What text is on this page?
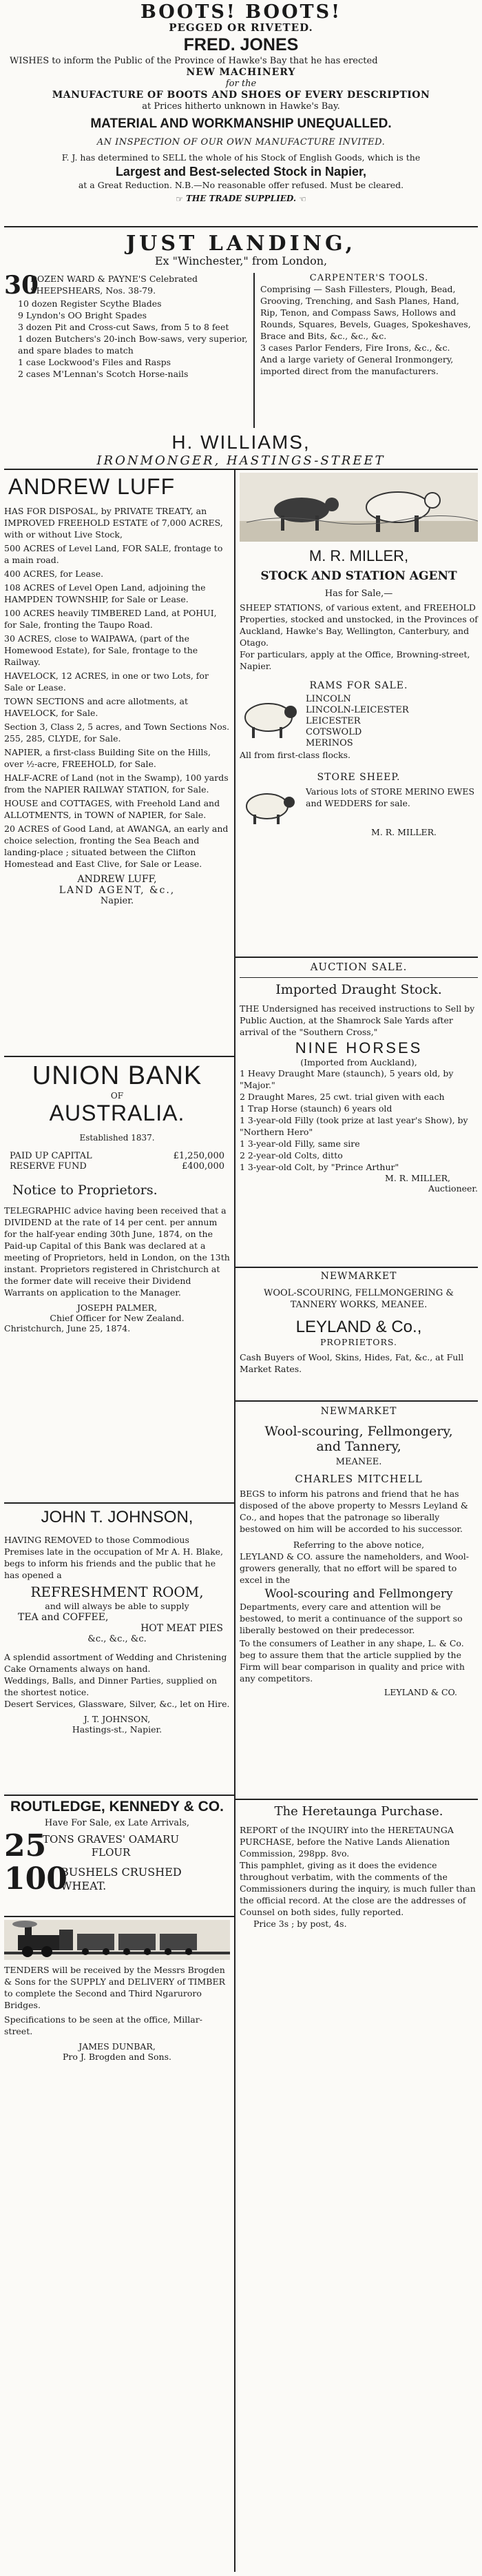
BOOTS! BOOTS!
PEGGED OR RIVETED.
FRED. JONES
WISHES to inform the Public of the Province of Hawke's Bay that he has erected
NEW MACHINERY
for the
MANUFACTURE OF BOOTS AND SHOES OF EVERY DESCRIPTION
at Prices hitherto unknown in Hawke's Bay.
MATERIAL AND WORKMANSHIP UNEQUALLED.
AN INSPECTION OF OUR OWN MANUFACTURE INVITED.
F. J. has determined to SELL the whole of his Stock of English Goods, which is the
Largest and Best-selected Stock in Napier,
at a Great Reduction. N.B.—No reasonable offer refused. Must be cleared.
☞ THE TRADE SUPPLIED. ☜
JUST LANDING,
Ex "Winchester," from London,
30
DOZEN WARD & PAYNE'S Celebrated SHEEPSHEARS, Nos. 38-79.
10 dozen Register Scythe Blades
9 Lyndon's OO Bright Spades
3 dozen Pit and Cross-cut Saws, from 5 to 8 feet
1 dozen Butchers's 20-inch Bow-saws, very superior, and spare blades to match
1 case Lockwood's Files and Rasps
2 cases M'Lennan's Scotch Horse-nails
CARPENTER'S TOOLS.
Comprising — Sash Fillesters, Plough, Bead, Grooving, Trenching, and Sash Planes, Hand, Rip, Tenon, and Compass Saws, Hollows and Rounds, Squares, Bevels, Guages, Spokeshaves, Brace and Bits, &c., &c., &c.
3 cases Parlor Fenders, Fire Irons, &c., &c.
And a large variety of General Ironmongery, imported direct from the manufacturers.
H. WILLIAMS,
IRONMONGER, HASTINGS-STREET
ANDREW LUFF

HAS FOR DISPOSAL, by PRIVATE TREATY, an IMPROVED FREEHOLD ESTATE of 7,000 ACRES, with or without Live Stock,

500 ACRES of Level Land, FOR SALE, frontage to a main road.

400 ACRES, for Lease.

108 ACRES of Level Open Land, adjoining the HAMPDEN TOWNSHIP, for Sale or Lease.

100 ACRES heavily TIMBERED Land, at POHUI, for Sale, fronting the Taupo Road.

30 ACRES, close to WAIPAWA, (part of the Homewood Estate), for Sale, frontage to the Railway.

HAVELOCK, 12 ACRES, in one or two Lots, for Sale or Lease.

TOWN SECTIONS and acre allotments, at HAVELOCK, for Sale.

Section 3, Class 2, 5 acres, and Town Sections Nos. 255, 285, CLYDE, for Sale.

NAPIER, a first-class Building Site on the Hills, over ½-acre, FREEHOLD, for Sale.

HALF-ACRE of Land (not in the Swamp), 100 yards from the NAPIER RAILWAY STATION, for Sale.

HOUSE and COTTAGES, with Freehold Land and ALLOTMENTS, in TOWN of NAPIER, for Sale.

20 ACRES of Good Land, at AWANGA, an early and choice selection, fronting the Sea Beach and landing-place ; situated between the Clifton Homestead and East Clive, for Sale or Lease.

ANDREW LUFF,
LAND AGENT, &c.,
Napier.
UNION BANK
OF
AUSTRALIA.
Established 1837.
PAID UP CAPITAL	£1,250,000
RESERVE FUND	£400,000
Notice to Proprietors.
TELEGRAPHIC advice having been received that a DIVIDEND at the rate of 14 per cent. per annum for the half-year ending 30th June, 1874, on the Paid-up Capital of this Bank was declared at a meeting of Proprietors, held in London, on the 13th instant. Proprietors registered in Christchurch at the former date will receive their Dividend Warrants on application to the Manager.
JOSEPH PALMER,
Chief Officer for New Zealand.
Christchurch, June 25, 1874.
JOHN T. JOHNSON,
HAVING REMOVED to those Commodious Premises late in the occupation of Mr A. H. Blake, begs to inform his friends and the public that he has opened a
REFRESHMENT ROOM,
and will always be able to supply
TEA and COFFEE,
HOT MEAT PIES
&c., &c., &c.
A splendid assortment of Wedding and Christening Cake Ornaments always on hand.
Weddings, Balls, and Dinner Parties, supplied on the shortest notice.
Desert Services, Glassware, Silver, &c., let on Hire.
J. T. JOHNSON,
Hastings-st., Napier.
ROUTLEDGE, KENNEDY & CO.
Have For Sale, ex Late Arrivals,
25
TONS GRAVES' OAMARU
FLOUR
100
BUSHELS CRUSHED
WHEAT.
TENDERS will be received by the Messrs Brogden & Sons for the SUPPLY and DELIVERY of TIMBER to complete the Second and Third Ngaruroro Bridges.
Specifications to be seen at the office, Millar-street.
JAMES DUNBAR,
Pro J. Brogden and Sons.
M. R. MILLER,
STOCK AND STATION AGENT
Has for Sale,—
SHEEP STATIONS, of various extent, and FREEHOLD Properties, stocked and unstocked, in the Provinces of Auckland, Hawke's Bay, Wellington, Canterbury, and Otago.
For particulars, apply at the Office, Browning-street, Napier.
RAMS FOR SALE.
LINCOLN
LINCOLN-LEICESTER
LEICESTER
COTSWOLD
MERINOS
All from first-class flocks.
STORE SHEEP.
Various lots of STORE MERINO EWES and WEDDERS for sale.
M. R. MILLER.
AUCTION SALE.
Imported Draught Stock.
THE Undersigned has received instructions to Sell by Public Auction, at the Shamrock Sale Yards after arrival of the "Southern Cross,"
NINE HORSES
(Imported from Auckland),
1 Heavy Draught Mare (staunch), 5 years old, by "Major."
2 Draught Mares, 25 cwt. trial given with each
1 Trap Horse (staunch) 6 years old
1 3-year-old Filly (took prize at last year's Show), by "Northern Hero"
1 3-year-old Filly, same sire
2 2-year-old Colts, ditto
1 3-year-old Colt, by "Prince Arthur"
M. R. MILLER,
Auctioneer.
NEWMARKET
WOOL-SCOURING, FELLMONGERING & TANNERY WORKS, MEANEE.
LEYLAND & Co.,
PROPRIETORS.
Cash Buyers of Wool, Skins, Hides, Fat, &c., at Full Market Rates.
NEWMARKET
Wool-scouring, Fellmongery,
and Tannery,
MEANEE.
CHARLES MITCHELL
BEGS to inform his patrons and friend that he has disposed of the above property to Messrs Leyland & Co., and hopes that the patronage so liberally bestowed on him will be accorded to his successor.
Referring to the above notice,
LEYLAND & CO. assure the nameholders, and Wool-growers generally, that no effort will be spared to excel in the
Wool-scouring and Fellmongery
Departments, every care and attention will be bestowed, to merit a continuance of the support so liberally bestowed on their predecessor.
To the consumers of Leather in any shape, L. & Co. beg to assure them that the article supplied by the Firm will bear comparison in quality and price with any competitors.
LEYLAND & CO.
The Heretaunga Purchase.
REPORT of the INQUIRY into the HERETAUNGA PURCHASE, before the Native Lands Alienation Commission, 298pp. 8vo.
This pamphlet, giving as it does the evidence throughout verbatim, with the comments of the Commissioners during the inquiry, is much fuller than the official record. At the close are the addresses of Counsel on both sides, fully reported.
Price 3s ; by post, 4s.
